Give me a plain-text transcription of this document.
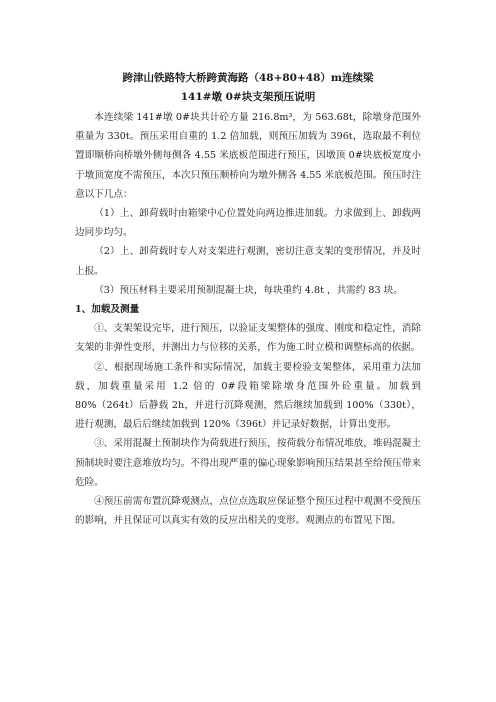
跨津山铁路特大桥跨黄海路（48+80+48）m连续梁

141#墩 0#块支架预压说明

本连续梁 141#墩 0#块共计砼方量 216.8m³，为 563.68t，除墩身范围外重量为 330t。预压采用自重的 1.2 倍加载，则预压加载为 396t，选取最不利位置即顺桥向桥墩外侧每侧各 4.55 米底板范围进行预压，因墩顶 0#块底板宽度小于墩顶宽度不需预压，本次只预压顺桥向为墩外侧各 4.55 米底板范围。预压时注意以下几点：

（1）上、卸荷载时由箱梁中心位置处向两边推进加载。力求做到上、卸载两边同步均匀。

（2）上、卸荷载时专人对支架进行观测，密切注意支架的变形情况，并及时上报。

（3）预压材料主要采用预制混凝土块，每块重约 4.8t ，共需约 83 块。

1、加载及测量

①、支架架设完毕，进行预压，以验证支架整体的强度、刚度和稳定性，消除支架的非弹性变形，并测出力与位移的关系，作为施工时立模和调整标高的依据。

②、根据现场施工条件和实际情况，加载主要检验支架整体，采用重力法加载，加载重量采用 1.2 倍的 0#段箱梁除墩身范围外砼重量。加载到 80%（264t）后静载 2h，并进行沉降观测，然后继续加载到 100%（330t），进行观测，最后后继续加载到 120%（396t）并记录好数据，计算出变形。

③、采用混凝土预制块作为荷载进行预压，按荷载分布情况堆放，堆码混凝土预制块时要注意堆放均匀。不得出现严重的偏心现象影响预压结果甚至给预压带来危险。

④预压前需布置沉降观测点，点位点选取应保证整个预压过程中观测不受预压的影响，并且保证可以真实有效的反应出相关的变形。观测点的布置见下图。
